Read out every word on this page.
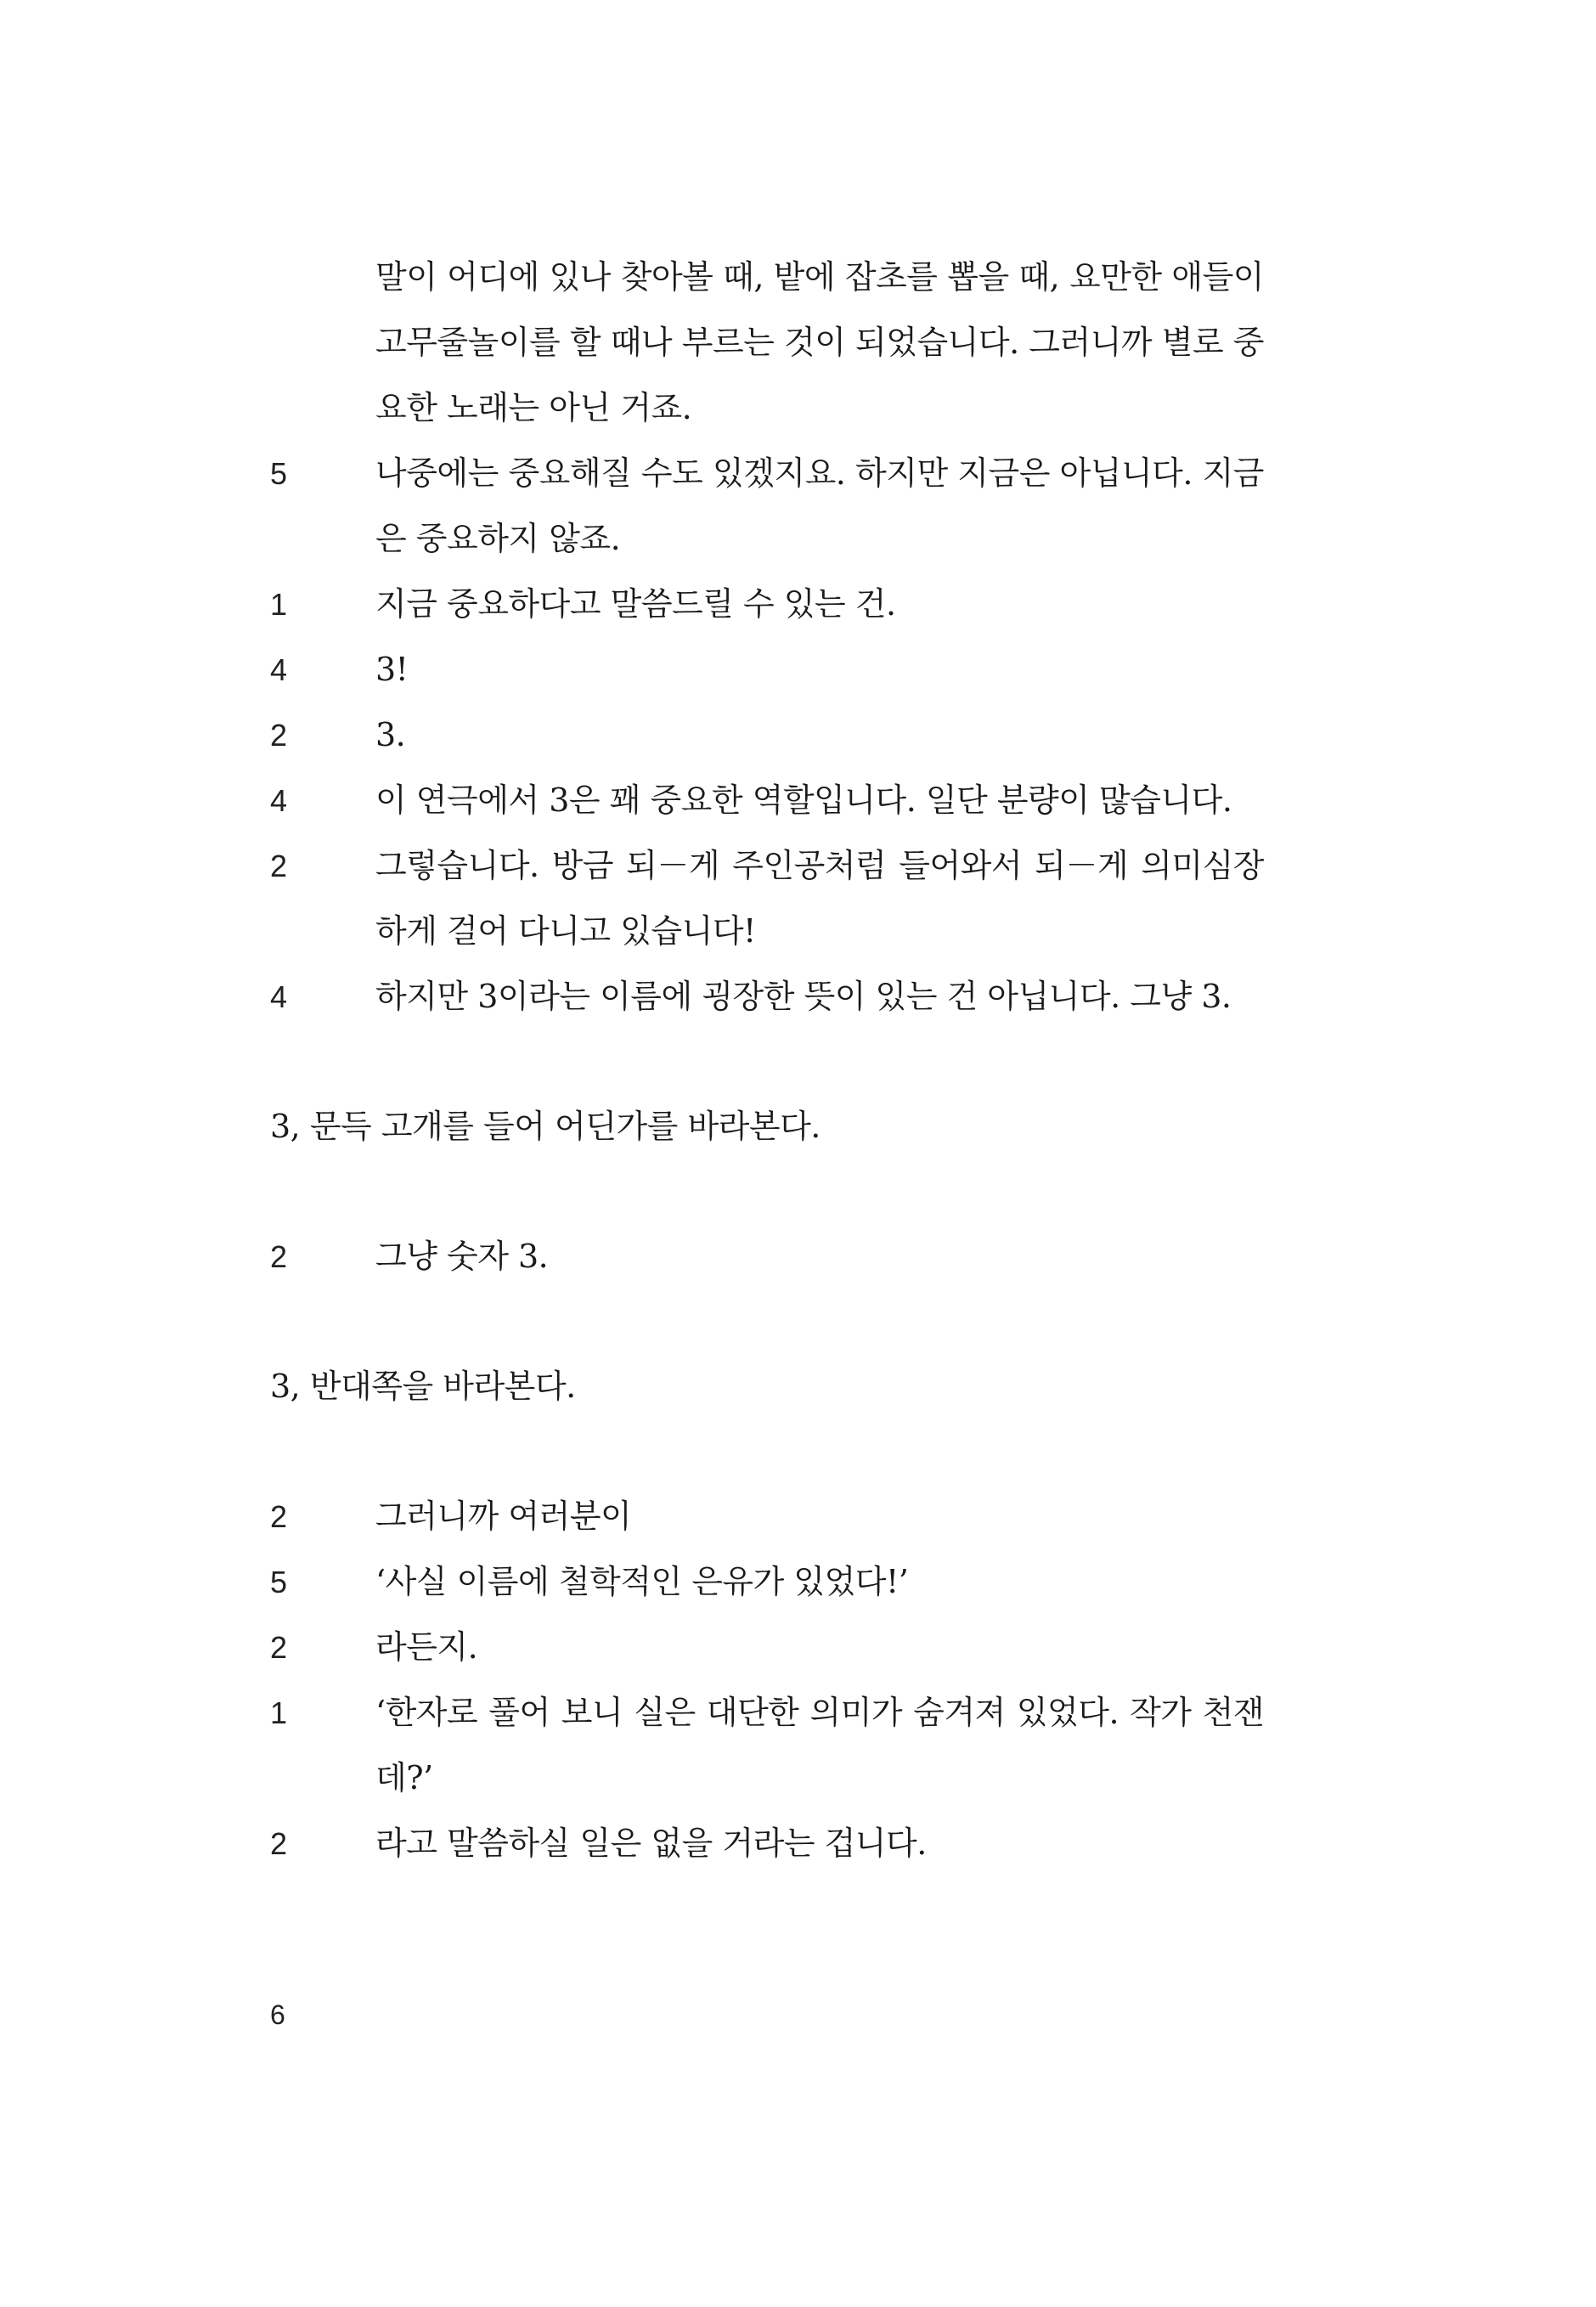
말이 어디에 있나 찾아볼 때, 밭에 잡초를 뽑을 때, 요만한 애들이 고무줄놀이를 할 때나 부르는 것이 되었습니다. 그러니까 별로 중요한 노래는 아닌 거죠.
5	나중에는 중요해질 수도 있겠지요. 하지만 지금은 아닙니다. 지금은 중요하지 않죠.
1	지금 중요하다고 말씀드릴 수 있는 건.
4	3!
2	3.
4	이 연극에서 3은 꽤 중요한 역할입니다. 일단 분량이 많습니다.
2	그렇습니다. 방금 되－게 주인공처럼 들어와서 되－게 의미심장하게 걸어 다니고 있습니다!
4	하지만 3이라는 이름에 굉장한 뜻이 있는 건 아닙니다. 그냥 3.
3, 문득 고개를 들어 어딘가를 바라본다.
2	그냥 숫자 3.
3, 반대쪽을 바라본다.
2	그러니까 여러분이
5	‘사실 이름에 철학적인 은유가 있었다!’
2	라든지.
1	‘한자로 풀어 보니 실은 대단한 의미가 숨겨져 있었다. 작가 천잰데?’
2	라고 말씀하실 일은 없을 거라는 겁니다.
6
